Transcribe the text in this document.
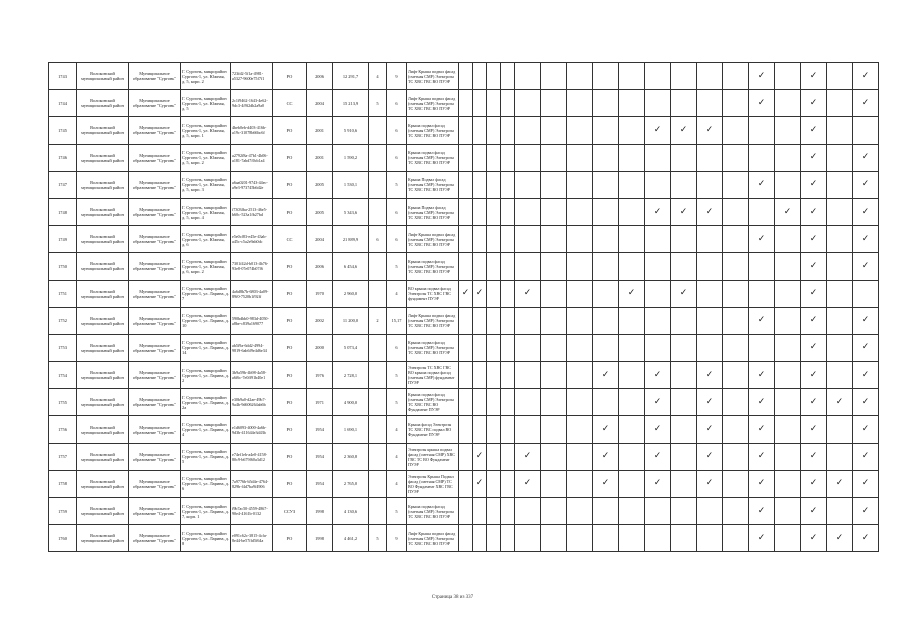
1743	Волоконский муниципальный район	Муниципальное образование "Сургонь"	Г. Сургонь, микрорайон Сургонь-1, ул. Южная, д. 5, корп. 2	723fd2-5f1a-4981-a5327-9600e75f7f1	РО	2006	12 291,7	4	9	Лифт Крыша подвал фасад (сметная СМР) Электроэн ТС ХВС ГВС ВО ПУЭР														✓		✓		✓
1744	Волоконский муниципальный район	Муниципальное образование "Сургонь"	Г. Сургонь, микрорайон Сургонь-1, ул. Южная, д. 5	2c1f9462-1643-4e62-9dc3-4f9f2db2a9a0	СС	2004	15 213,9	5	6	Лифт Крыша подвал фасад (сметная СМР) Электроэн ТС ХВС ГВС ВО ПУЭР														✓		✓		✓
1745	Волоконский муниципальный район	Муниципальное образование "Сургонь"	Г. Сургонь, микрорайон Сургонь-1, ул. Южная, д. 5, корп. 1	4beb0eb-d403-416b-a19c-31078b66bc6f	РО	2001	5 910,6		6	Крыша подвал фасад (сметная СМР) Электроэн ТС ХВС ГВС ВО ПУЭР										✓	✓	✓				✓		
1746	Волоконский муниципальный район	Муниципальное образование "Сургонь"	Г. Сургонь, микрорайон Сургонь-1, ул. Южная, д. 5, корп. 2	a2792f8a-47b1-4b06-a181-7abd7f0cb1a4	РО	2001	1 590,2		6	Крыша подвал фасад (сметная СМР) Электроэн ТС ХВС ГВС ВО ПУЭР																✓		✓
1747	Волоконский муниципальный район	Муниципальное образование "Сургонь"	Г. Сургонь, микрорайон Сургонь-1, ул. Южная, д. 5, корп. 3	a6aa0201-9743-44ec-a9e3-973745b6d2e	РО	2005	1 530,1		5	Крыша Подвал фасад (сметная СМР) Электроэн ТС ХВС ГВС ВО ПУЭР														✓		✓		✓
1748	Волоконский муниципальный район	Муниципальное образование "Сургонь"	Г. Сургонь, микрорайон Сургонь-1, ул. Южная, д. 5, корп. 4	f7303fba-2513-46e5-b60c-523a1fb27bd	РО	2005	5 343,6		6	Крыша Подвал фасад (сметная СМР) Электроэн ТС ХВС ГВС ВО ПУЭР										✓	✓	✓			✓	✓		✓
1749	Волоконский муниципальный район	Муниципальное образование "Сургонь"	Г. Сургонь, микрорайон Сургонь-1, ул. Южная, д. 6	e5e0cf83-e45e-43ab-a45c-c5a2e9ab0dc	СС	2004	21 889,9	6	6	Лифт Крыша подвал фасад (сметная СМР) Электроэн ТС ХВС ГВС ВО ПУЭР														✓		✓		✓
1750	Волоконский муниципальный район	Муниципальное образование "Сургонь"	Г. Сургонь, микрорайон Сургонь-1, ул. Южная, д. 6, корп. 2	7301f42d-b013-4b76-93e8-07e074b07f6	РО	2006	6 454,6		5	Крыша подвал фасад (сметная СМР) Электроэн ТС ХВС ГВС ВО ПУЭР																✓		✓
1751	Волоконский муниципальный район	Муниципальное образование "Сургонь"	Г. Сургонь, микрорайон Сургонь-1, ул. Ларина, д. 7	4a6d8b7b-6803-4a09-89f0-7520b1f92ff	РО	1970	2 960,0		4	ВО крыша подвал фасад Электроэн ТС ХВС ГВС фундамент ПУЭР	✓	✓			✓				✓		✓					✓		
1752	Волоконский муниципальный район	Муниципальное образование "Сургонь"	Г. Сургонь, микрорайон Сургонь-1, ул. Ларина, д. 10	590bdbb0-983d-4050-a8be-c839a169077	РО	2002	11 200,0	2	15,17	Лифт Крыша подвал фасад (сметная СМР) Электроэн ТС ХВС ГВС ВО ПУЭР														✓		✓		✓
1753	Волоконский муниципальный район	Муниципальное образование "Сургонь"	Г. Сургонь, микрорайон Сургонь-1, ул. Ларина, д. 14	ab5f9a-6dd2-4994-9819-6ab6f9e4d6e34	РО	2000	5 073,4		6	Крыша подвал фасад (сметная СМР) Электроэн ТС ХВС ГВС ВО ПУЭР																✓		✓
1754	Волоконский муниципальный район	Муниципальное образование "Сургонь"	Г. Сургонь, микрорайон Сургонь-1, ул. Ларина, д. 2	3b9a59b-4b98-4a58-a6f6c-7e0ff91b40e1	РО	1976	2 728,1		5	Электроэн ТС ХВС ГВС ВО крыша подвал фасад (сметная СМР) фундамент ПУЭР								✓		✓		✓		✓		✓		✓
1755	Волоконский муниципальный район	Муниципальное образование "Сургонь"	Г. Сургонь, микрорайон Сургонь-1, ул. Ларина, д. 2а	e30b9a0-d2ae-49b7-9a4b-9d606264ab6b	РО	1971	4 900,0		5	Крыша подвал фасад (сметная СМР) Электроэн ТС ХВС ГВС ВО Фундамент ПУЭР										✓		✓		✓		✓	✓	✓
1756	Волоконский муниципальный район	Муниципальное образование "Сургонь"	Г. Сургонь, микрорайон Сургонь-1, ул. Ларина, д. 4	e1d6093-4000-4a6b-9d3b-411644e3d43b	РО	1954	1 690,1		4	Крыша фасад Электроэн ТС ХВС ГВС подвал ВО Фундамент ПУЭР								✓		✓		✓		✓		✓		✓
1757	Волоконский муниципальный район	Муниципальное образование "Сургонь"	Г. Сургонь, микрорайон Сургонь-1, ул. Ларина, д. 5	e74ef1eb-a4e0-4158-80c9-b679f60a3d12	РО	1954	2 360,8		4	Электроэн крыша подвал фасад (сметная СМР) ХВС ГВС ТС ВО Фундамент ПУЭР		✓			✓			✓		✓		✓		✓		✓		✓
1758	Волоконский муниципальный район	Муниципальное образование "Сургонь"	Г. Сургонь, микрорайон Сургонь-1, ул. Ларина, д. 6	7a9776b-b5d4e-4764-829b-f4d7ba9f4906	РО	1954	2 765,0		4	Электроэн Крыша Подвал фасад (сметная СМР) ТС ВО Фундамент ХВС ГВС ПУЭР		✓			✓			✓		✓		✓		✓		✓	✓	✓
1759	Волоконский муниципальный район	Муниципальное образование "Сургонь"	Г. Сургонь, микрорайон Сургонь-1, ул. Ларина, д. 7, корп. 1	f9b7ac50-4559-4867-90e4-4161b-0132	ССУЗ	1998	4 130,6		5	Крыша подвал фасад (сметная СМР) Электроэн ТС ХВС ГВС ВО ПУЭР														✓		✓		✓
1760	Волоконский муниципальный район	Муниципальное образование "Сургонь"	Г. Сургонь, микрорайон Сургонь-1, ул. Ларина, д. 8	e091c62c-3815-4cfa-8e44-be57ffd5f64a	РО	1998	4 461,2	5	9	Лифт Крыша подвал фасад (сметная СМР) Электроэн ТС ХВС ГВС ВО ПУЭР														✓		✓	✓	✓
Страница 38 из 337
